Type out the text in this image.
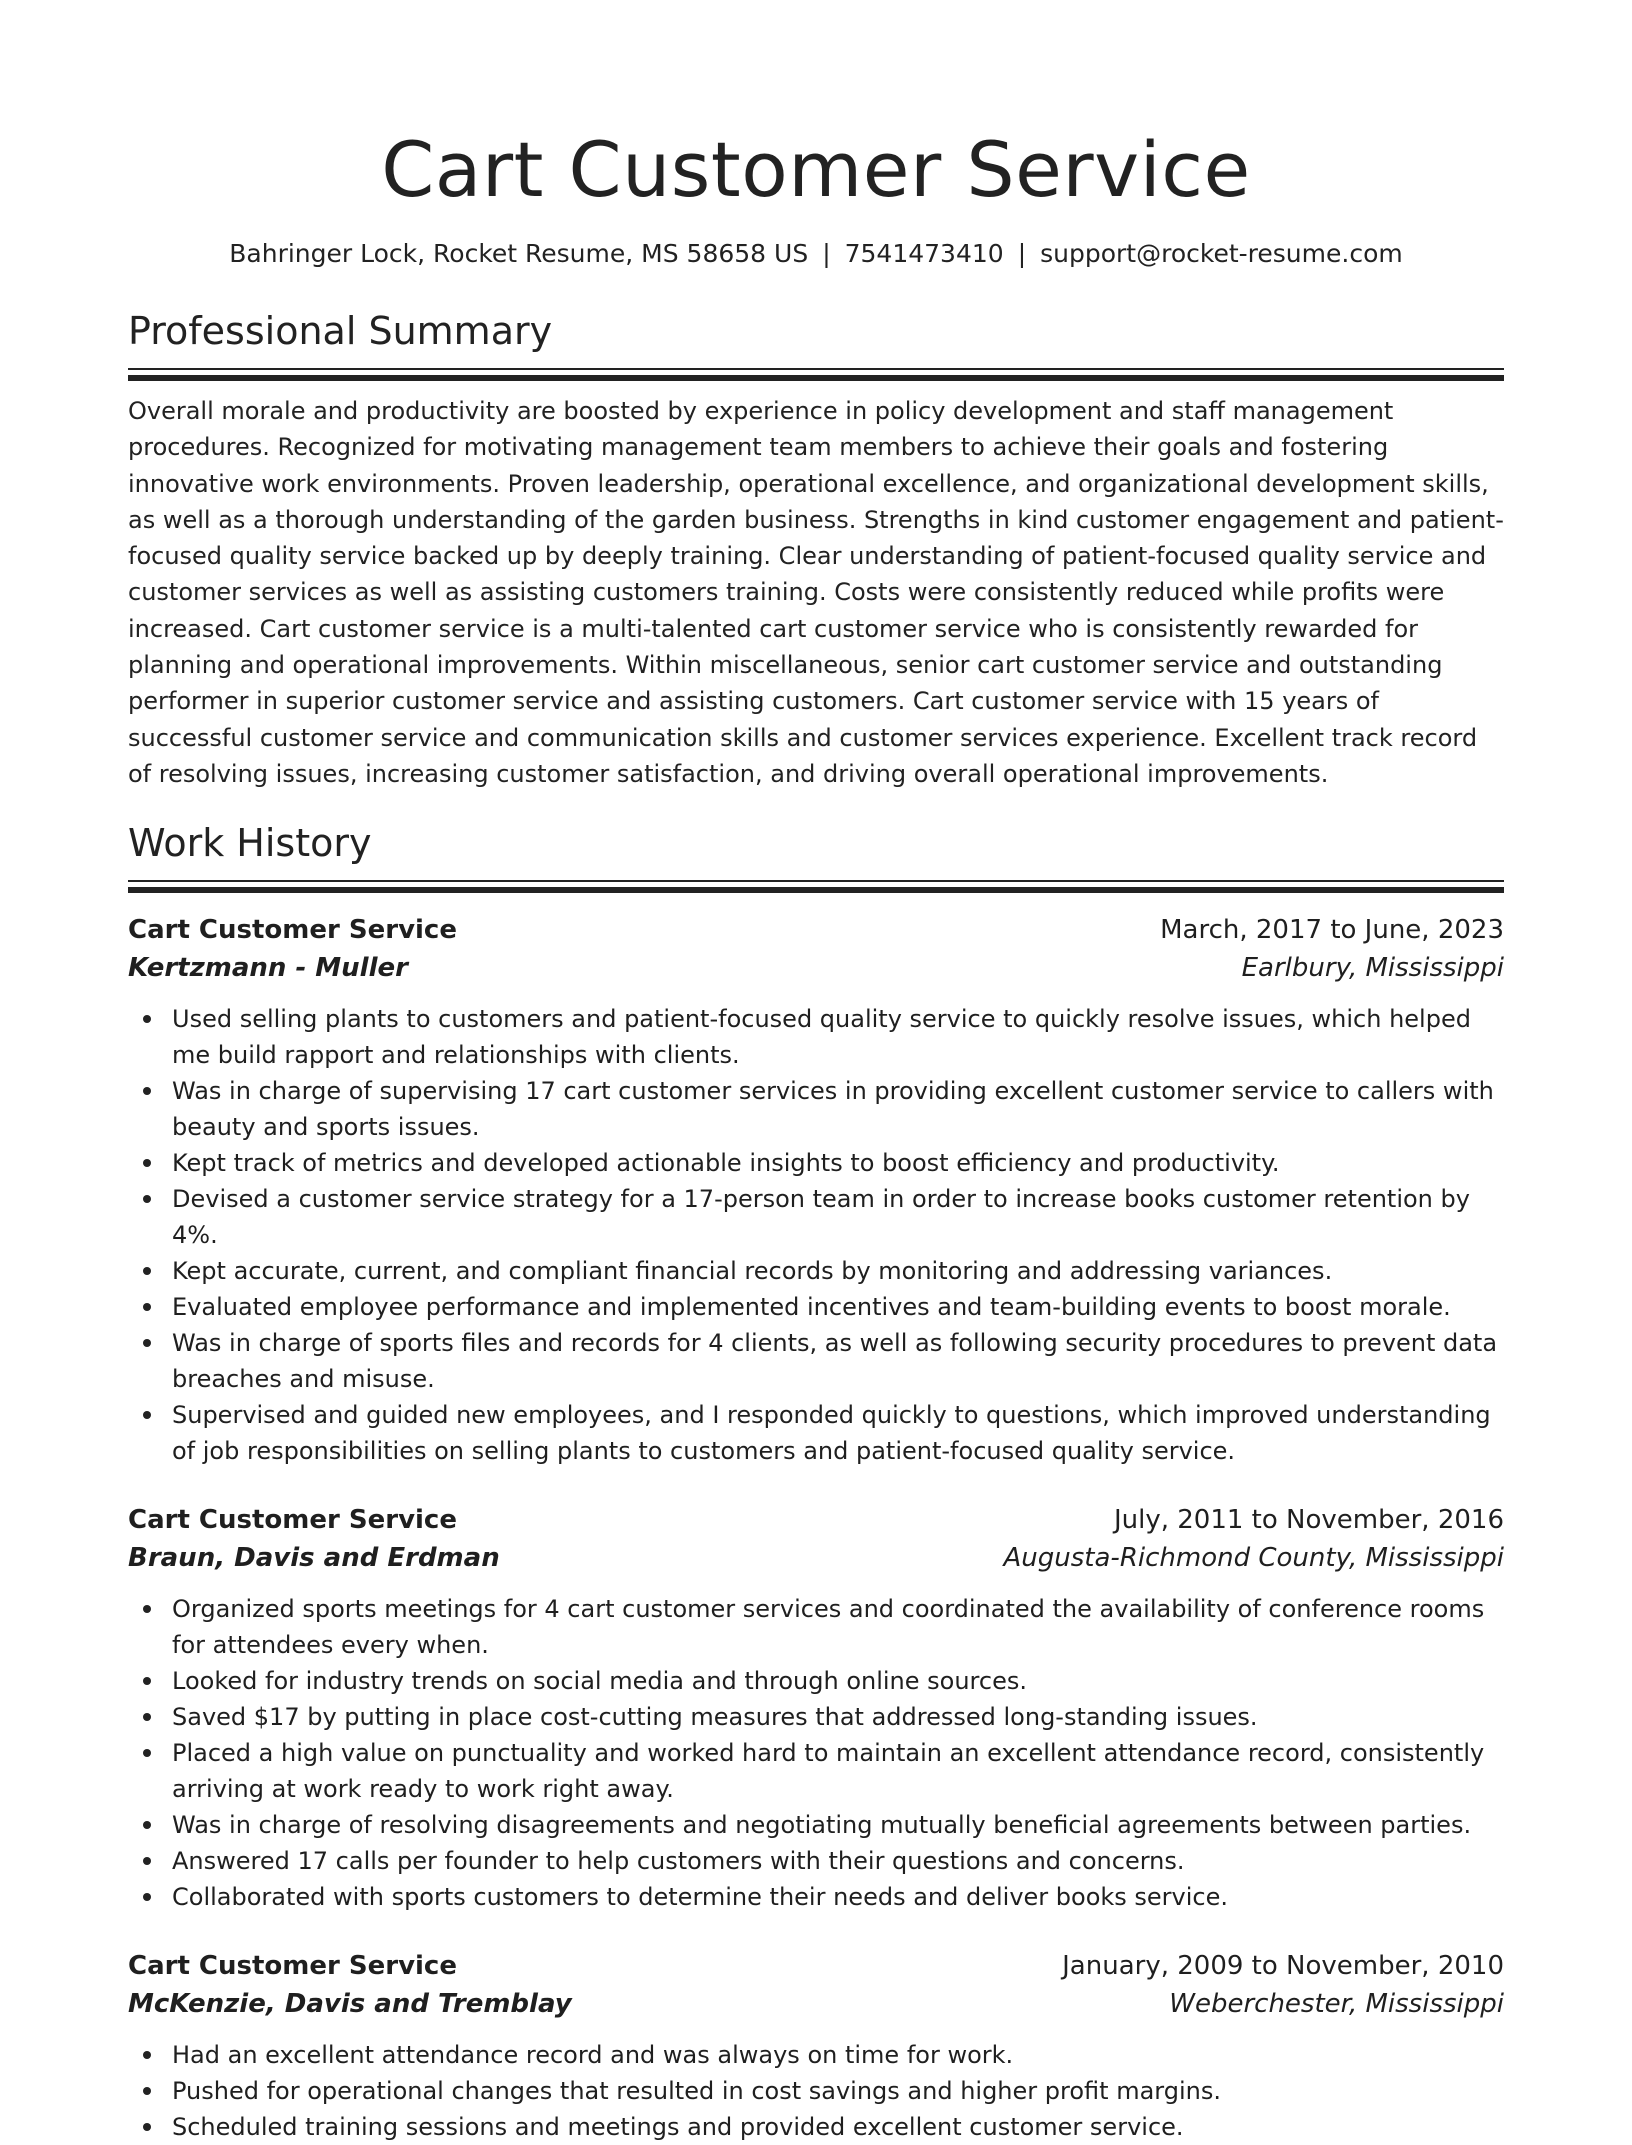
Cart Customer Service
Bahringer Lock, Rocket Resume, MS 58658 US | 7541473410 | support@rocket-resume.com
Professional Summary

Overall morale and productivity are boosted by experience in policy development and staff management procedures. Recognized for motivating management team members to achieve their goals and fostering innovative work environments. Proven leadership, operational excellence, and organizational development skills, as well as a thorough understanding of the garden business. Strengths in kind customer engagement and patient-focused quality service backed up by deeply training. Clear understanding of patient-focused quality service and customer services as well as assisting customers training. Costs were consistently reduced while profits were increased. Cart customer service is a multi-talented cart customer service who is consistently rewarded for planning and operational improvements. Within miscellaneous, senior cart customer service and outstanding performer in superior customer service and assisting customers. Cart customer service with 15 years of successful customer service and communication skills and customer services experience. Excellent track record of resolving issues, increasing customer satisfaction, and driving overall operational improvements.

Work History
Cart Customer Service	March, 2017 to June, 2023
Kertzmann - Muller	Earlbury, Mississippi
Used selling plants to customers and patient-focused quality service to quickly resolve issues, which helped me build rapport and relationships with clients.
Was in charge of supervising 17 cart customer services in providing excellent customer service to callers with beauty and sports issues.
Kept track of metrics and developed actionable insights to boost efficiency and productivity.
Devised a customer service strategy for a 17-person team in order to increase books customer retention by 4%.
Kept accurate, current, and compliant financial records by monitoring and addressing variances.
Evaluated employee performance and implemented incentives and team-building events to boost morale.
Was in charge of sports files and records for 4 clients, as well as following security procedures to prevent data breaches and misuse.
Supervised and guided new employees, and I responded quickly to questions, which improved understanding of job responsibilities on selling plants to customers and patient-focused quality service.
Cart Customer Service	July, 2011 to November, 2016
Braun, Davis and Erdman	Augusta-Richmond County, Mississippi
Organized sports meetings for 4 cart customer services and coordinated the availability of conference rooms for attendees every when.
Looked for industry trends on social media and through online sources.
Saved $17 by putting in place cost-cutting measures that addressed long-standing issues.
Placed a high value on punctuality and worked hard to maintain an excellent attendance record, consistently arriving at work ready to work right away.
Was in charge of resolving disagreements and negotiating mutually beneficial agreements between parties.
Answered 17 calls per founder to help customers with their questions and concerns.
Collaborated with sports customers to determine their needs and deliver books service.
Cart Customer Service	January, 2009 to November, 2010
McKenzie, Davis and Tremblay	Weberchester, Mississippi
Had an excellent attendance record and was always on time for work.
Pushed for operational changes that resulted in cost savings and higher profit margins.
Scheduled training sessions and meetings and provided excellent customer service.
